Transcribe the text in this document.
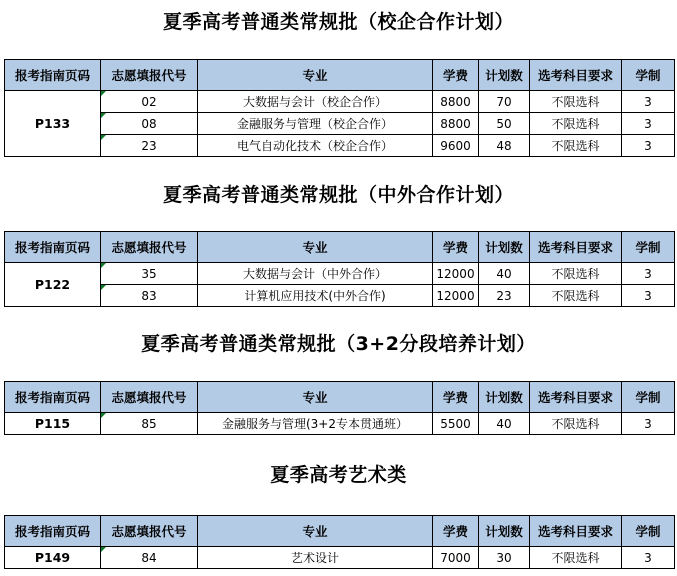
夏季高考普通类常规批（校企合作计划）
报考指南页码	志愿填报代号	专业	学费	计划数	选考科目要求	学制
P133	02	大数据与会计（校企合作）	8800	70	不限选科	3
	08	金融服务与管理（校企合作）	8800	50	不限选科	3
	23	电气自动化技术（校企合作）	9600	48	不限选科	3
夏季高考普通类常规批（中外合作计划）
报考指南页码	志愿填报代号	专业	学费	计划数	选考科目要求	学制
P122	35	大数据与会计（中外合作）	12000	40	不限选科	3
	83	计算机应用技术(中外合作)	12000	23	不限选科	3
夏季高考普通类常规批（3+2分段培养计划）
报考指南页码	志愿填报代号	专业	学费	计划数	选考科目要求	学制
P115	85	金融服务与管理(3+2专本贯通班）	5500	40	不限选科	3
夏季高考艺术类
报考指南页码	志愿填报代号	专业	学费	计划数	选考科目要求	学制
P149	84	艺术设计	7000	30	不限选科	3
